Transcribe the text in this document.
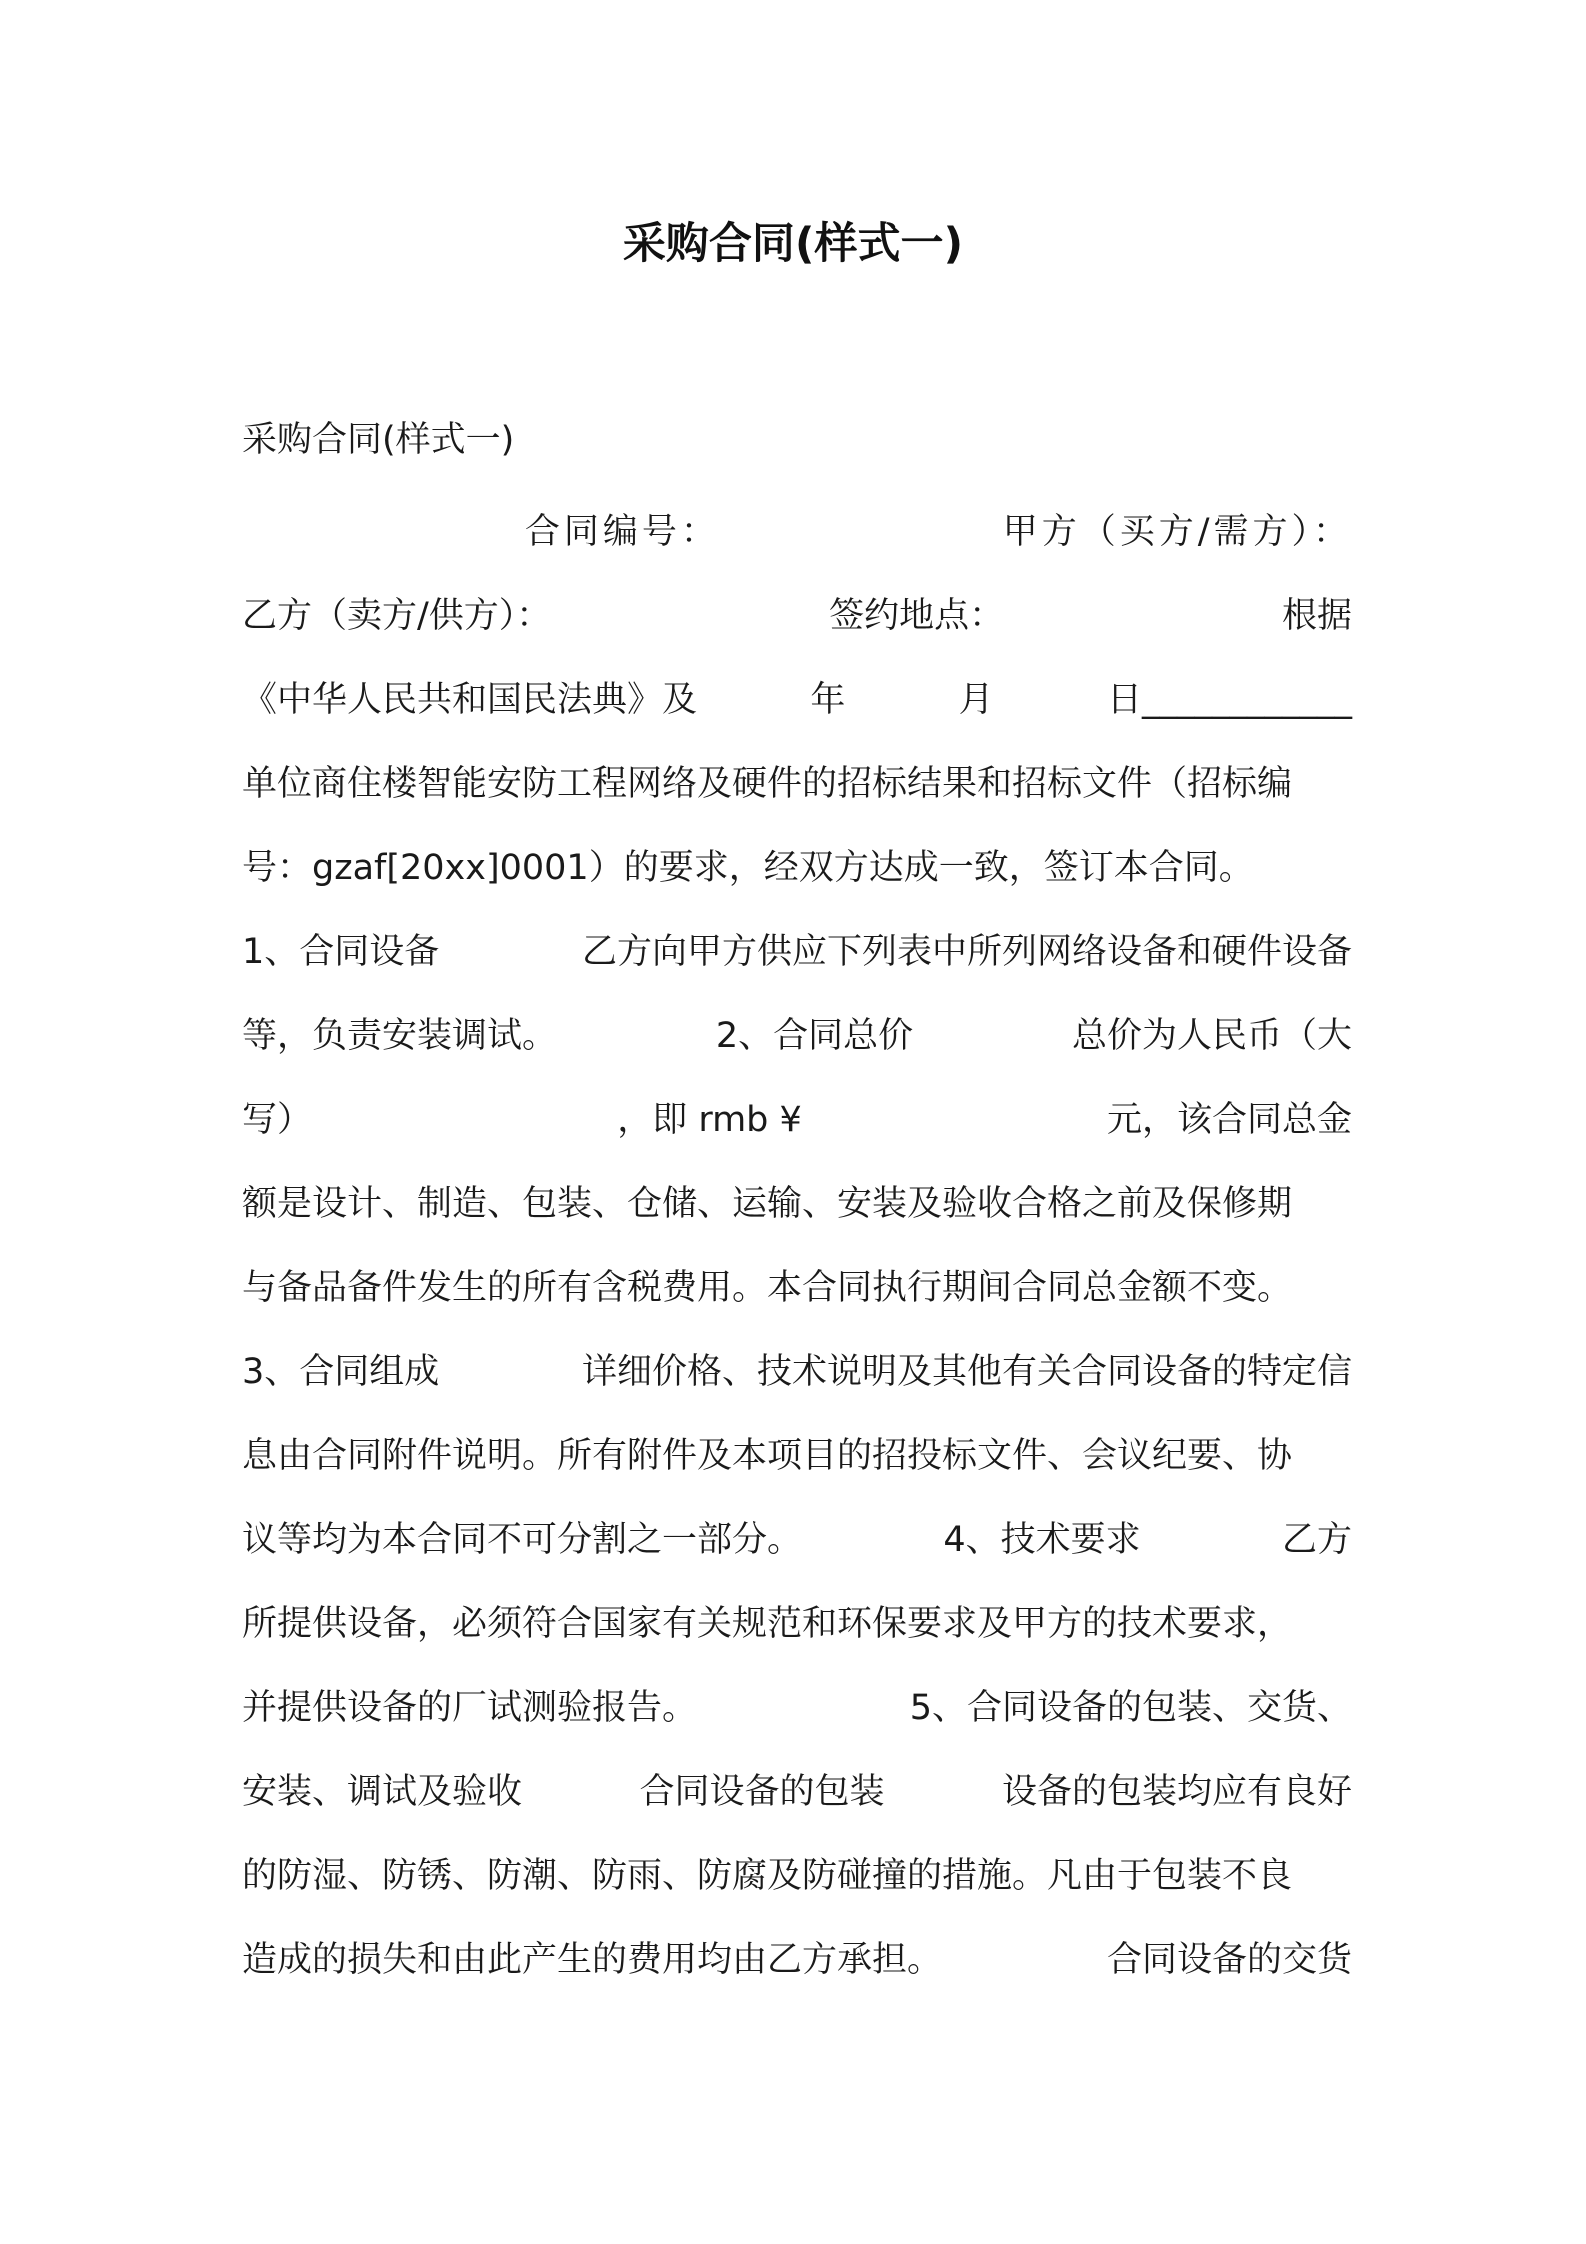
采购合同(样式一)
采购合同(样式一)
合同编号：	甲方（买方/需方）：
乙方（卖方/供方）：	签约地点：	根据
《中华人民共和国民法典》及	年	月	日____________
单位商住楼智能安防工程网络及硬件的招标结果和招标文件（招标编
号：gzaf[20xx]0001）的要求，经双方达成一致，签订本合同。
1、合同设备	乙方向甲方供应下列表中所列网络设备和硬件设备
等，负责安装调试。	2、合同总价	总价为人民币（大
写）	，即 rmb ¥	元，该合同总金
额是设计、制造、包装、仓储、运输、安装及验收合格之前及保修期
与备品备件发生的所有含税费用。本合同执行期间合同总金额不变。
3、合同组成	详细价格、技术说明及其他有关合同设备的特定信
息由合同附件说明。所有附件及本项目的招投标文件、会议纪要、协
议等均为本合同不可分割之一部分。	4、技术要求	乙方
所提供设备，必须符合国家有关规范和环保要求及甲方的技术要求，
并提供设备的厂试测验报告。	5、合同设备的包装、交货、
安装、调试及验收	合同设备的包装	设备的包装均应有良好
的防湿、防锈、防潮、防雨、防腐及防碰撞的措施。凡由于包装不良
造成的损失和由此产生的费用均由乙方承担。	合同设备的交货
